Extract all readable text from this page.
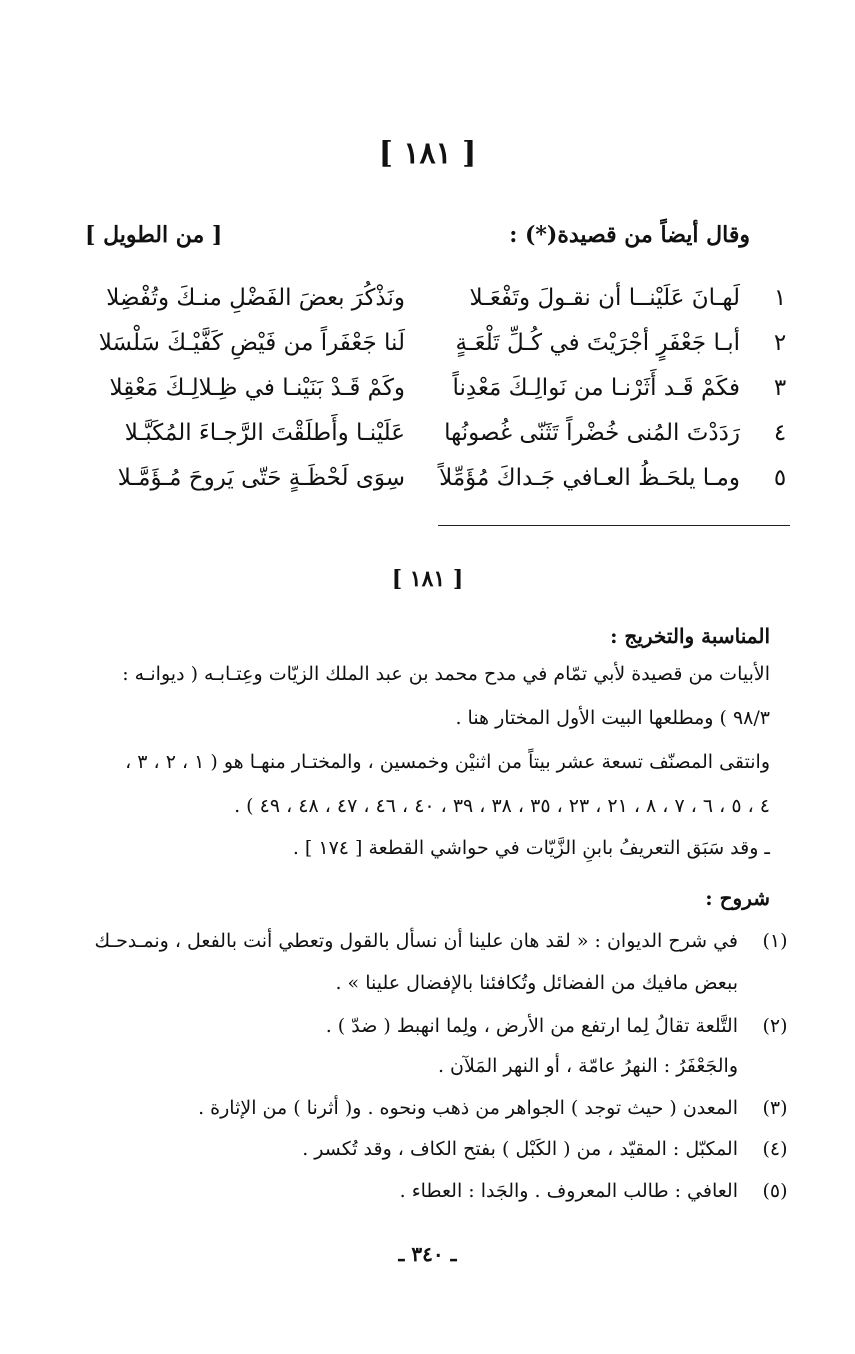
[ ١٨١ ]
وقال أيضاً من قصيدة(*) :
[ من الطويل ]
١
لَهـانَ عَلَيْنــا أن نقـولَ وتَفْعَـلا
ونَذْكُرَ بعضَ الفَضْلِ منـكَ وتُفْضِلا
٢
أبـا جَعْفَرٍ أجْرَيْتَ في كُـلِّ تَلْعَـةٍ
لَنا جَعْفَراً من فَيْضِ كَفَّيْـكَ سَلْسَلا
٣
فكَمْ قَـد أَثَرْنـا من نَوالِـكَ مَعْدِناً
وكَمْ قَـدْ بَنَيْنـا في ظِـلالِـكَ مَعْقِلا
٤
رَدَدْتَ المُنى خُضْراً تَثَنّى غُصونُها
عَلَيْنـا وأَطلَقْتَ الرَّجـاءَ المُكَبَّـلا
٥
ومـا يلحَـظُ العـافي جَـداكَ مُؤَمِّلاً
سِوَى لَحْظَـةٍ حَتّى يَروحَ مُـؤَمَّـلا
[ ١٨١ ]
المناسبة والتخريج :
الأبيات من قصيدة لأبي تمّام في مدح محمد بن عبد الملك الزيّات وعِتـابـه ( ديوانـه :
٩٨/٣ ) ومطلعها البيت الأول المختار هنا .
وانتقى المصنّف تسعة عشر بيتاً من اثنيْن وخمسين ، والمختـار منهـا هو ( ١ ، ٢ ، ٣ ،
٤ ، ٥ ، ٦ ، ٧ ، ٨ ، ٢١ ، ٢٣ ، ٣٥ ، ٣٨ ، ٣٩ ، ٤٠ ، ٤٦ ، ٤٧ ، ٤٨ ، ٤٩ ) .
ـ وقد سَبَق التعريفُ بابنِ الزَّيّات في حواشي القطعة [ ١٧٤ ] .
شروح :
(١)
في شرح الديوان : « لقد هان علينا أن نسأل بالقول وتعطي أنت بالفعل ، ونمـدحـك
ببعض مافيك من الفضائل وتُكافئنا بالإفضال علينا » .
(٢)
التَّلعة تقالُ لِما ارتفع من الأرض ، ولِما انهبط ( ضدّ ) .
والجَعْفَرُ : النهرُ عامّة ، أو النهر المَلآن .
(٣)
المعدن ( حيث توجد ) الجواهر من ذهب ونحوه . و( أثرنا ) من الإثارة .
(٤)
المكبّل : المقيّد ، من ( الكَبْل ) بفتح الكاف ، وقد تُكسر .
(٥)
العافي : طالب المعروف . والجَدا : العطاء .
ـ ٣٤٠ ـ
